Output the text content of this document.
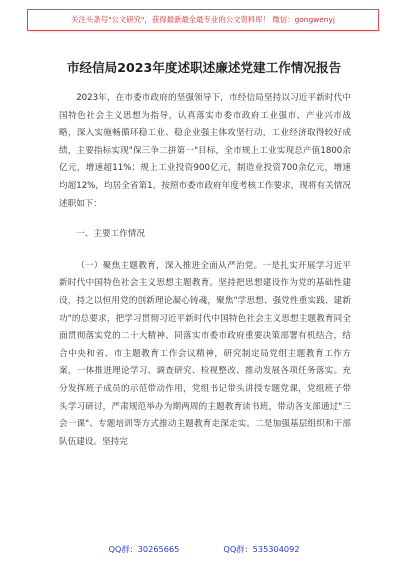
关注头条号"公文研究"，获得最新最全最专业的公文资料库！ 微信：gongwenyj
市经信局2023年度述职述廉述党建工作情况报告

2023年，在市委市政府的坚强领导下，市经信局坚持以习近平新时代中国特色社会主义思想为指导，认真落实市委市政府工业强市、产业兴市战略，深入实施畅循环稳工业、稳企业强主体攻坚行动，工业经济取得较好成绩，主要指标实现"保三争二拼第一"目标，全市规上工业实现总产值1800余亿元，增速超11%；规上工业投资900亿元，制造业投资700余亿元，增速均超12%，均居全省第1。按照市委市政府年度考核工作要求，现将有关情况述职如下：

一、主要工作情况

（一）聚焦主题教育，深入推进全面从严治党。一是扎实开展学习近平新时代中国特色社会主义思想主题教育。坚持把思想建设作为党的基础性建设，持之以恒用党的创新理论凝心铸魂，聚焦"学思想、强党性重实践、建新功"的总要求，把学习贯彻习近平新时代中国特色社会主义思想主题教育同全面贯彻落实党的二十大精神、同落实市委市政府重要决策部署有机结合，结合中央和省、市主题教育工作会议精神，研究制定局党组主题教育工作方案，一体推进理论学习、调查研究、检视整改、推动发展各项任务落实。充分发挥班子成员的示范带动作用，党组书记带头讲授专题党课，党组班子带头学习研讨，严肃规范举办为期两周的主题教育读书班，带动各支部通过"三会一课"、专题培训等方式推动主题教育走深走实。二是加强基层组织和干部队伍建设。坚持完

QQ群：30265665	QQ群：535304092
